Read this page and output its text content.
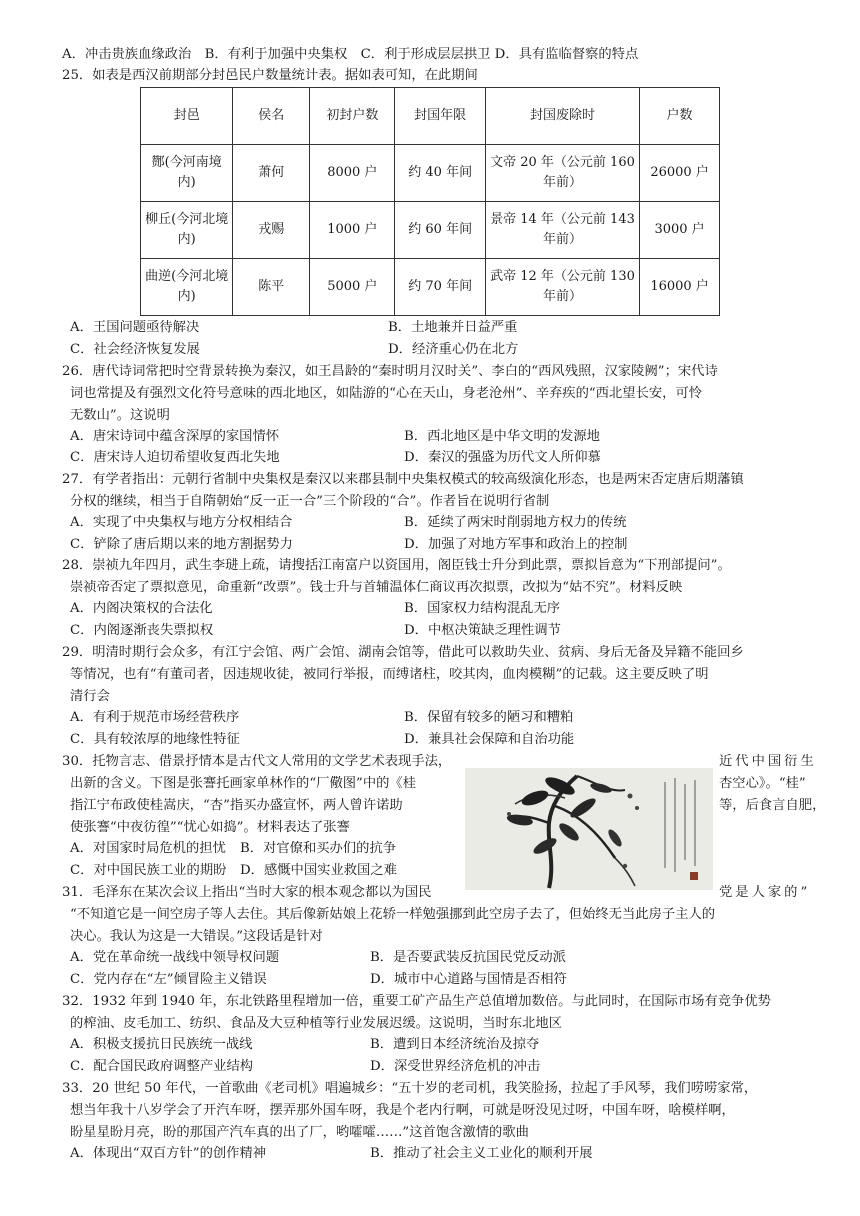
A．冲击贵族血缘政治　B．有利于加强中央集权　C．利于形成层层拱卫 D．具有监临督察的特点
25．如表是西汉前期部分封邑民户数量统计表。据如表可知，在此期间
封邑	侯名	初封户数	封国年限	封国废除时	户数
酂(今河南境内)	萧何	8000 户	约 40 年间	文帝 20 年（公元前 160 年前）	26000 户
柳丘(今河北境内)	戎赐	1000 户	约 60 年间	景帝 14 年（公元前 143 年前）	3000 户
曲逆(今河北境内)	陈平	5000 户	约 70 年间	武帝 12 年（公元前 130 年前）	16000 户
A．王国问题亟待解决	B．土地兼并日益严重
C．社会经济恢复发展	D．经济重心仍在北方
26．唐代诗词常把时空背景转换为秦汉，如王昌龄的“秦时明月汉时关”、李白的“西风残照，汉家陵阙”；宋代诗
词也常提及有强烈文化符号意味的西北地区，如陆游的“心在天山，身老沧州”、辛弃疾的“西北望长安，可怜
无数山”。这说明
A．唐宋诗词中蕴含深厚的家国情怀	B．西北地区是中华文明的发源地
C．唐宋诗人迫切希望收复西北失地	D．秦汉的强盛为历代文人所仰慕
27．有学者指出：元朝行省制中央集权是秦汉以来郡县制中央集权模式的较高级演化形态，也是两宋否定唐后期藩镇
分权的继续，相当于自隋朝始“反一正一合”三个阶段的“合”。作者旨在说明行省制
A．实现了中央集权与地方分权相结合	B．延续了两宋时削弱地方权力的传统
C．铲除了唐后期以来的地方割据势力	D．加强了对地方军事和政治上的控制
28．崇祯九年四月，武生李琎上疏，请搜括江南富户以资国用，阁臣钱士升分到此票，票拟旨意为“下刑部提问”。
崇祯帝否定了票拟意见，命重新“改票”。钱士升与首辅温体仁商议再次拟票，改拟为“姑不究”。材料反映
A．内阁决策权的合法化	B．国家权力结构混乱无序
C．内阁逐渐丧失票拟权	D．中枢决策缺乏理性调节
29．明清时期行会众多，有江宁会馆、两广会馆、湖南会馆等，借此可以救助失业、贫病、身后无备及异籍不能回乡
等情况，也有“有董司者，因违规收徒，被同行举报，而缚诸柱，咬其肉，血肉模糊”的记载。这主要反映了明
清行会
A．有利于规范市场经营秩序	B．保留有较多的陋习和糟粕
C．具有较浓厚的地缘性特征	D．兼具社会保障和自治功能
30．托物言志、借景抒情本是古代文人常用的文学艺术表现手法，
出新的含义。下图是张謇托画家单林作的“厂儆图”中的《桂
指江宁布政使桂嵩庆，“杏”指买办盛宣怀，两人曾许诺助
使张謇“中夜彷徨”“忧心如捣”。材料表达了张謇
近代中国衍生
杏空心》。“桂”
等，后食言自肥，
A．对国家时局危机的担忧 B．对官僚和买办们的抗争
C．对中国民族工业的期盼 D．感慨中国实业救国之难
31．毛泽东在某次会议上指出“当时大家的根本观念都以为国民	党是人家的”
“不知道它是一间空房子等人去住。其后像新姑娘上花轿一样勉强挪到此空房子去了，但始终无当此房子主人的
决心。我认为这是一大错误。”这段话是针对
A．党在革命统一战线中领导权问题	B．是否要武装反抗国民党反动派
C．党内存在“左”倾冒险主义错误	D．城市中心道路与国情是否相符
32．1932 年到 1940 年，东北铁路里程增加一倍，重要工矿产品生产总值增加数倍。与此同时，在国际市场有竞争优势
的榨油、皮毛加工、纺织、食品及大豆种植等行业发展迟缓。这说明，当时东北地区
A．积极支援抗日民族统一战线	B．遭到日本经济统治及掠夺
C．配合国民政府调整产业结构	D．深受世界经济危机的冲击
33．20 世纪 50 年代，一首歌曲《老司机》唱遍城乡：“五十岁的老司机，我笑脸扬，拉起了手风琴，我们唠唠家常，
想当年我十八岁学会了开汽车呀，摆弄那外国车呀，我是个老内行啊，可就是呀没见过呀，中国车呀，啥模样啊，
盼星星盼月亮，盼的那国产汽车真的出了厂，哟嚯嚯……”这首饱含激情的歌曲
A．体现出“双百方针”的创作精神	B．推动了社会主义工业化的顺利开展
